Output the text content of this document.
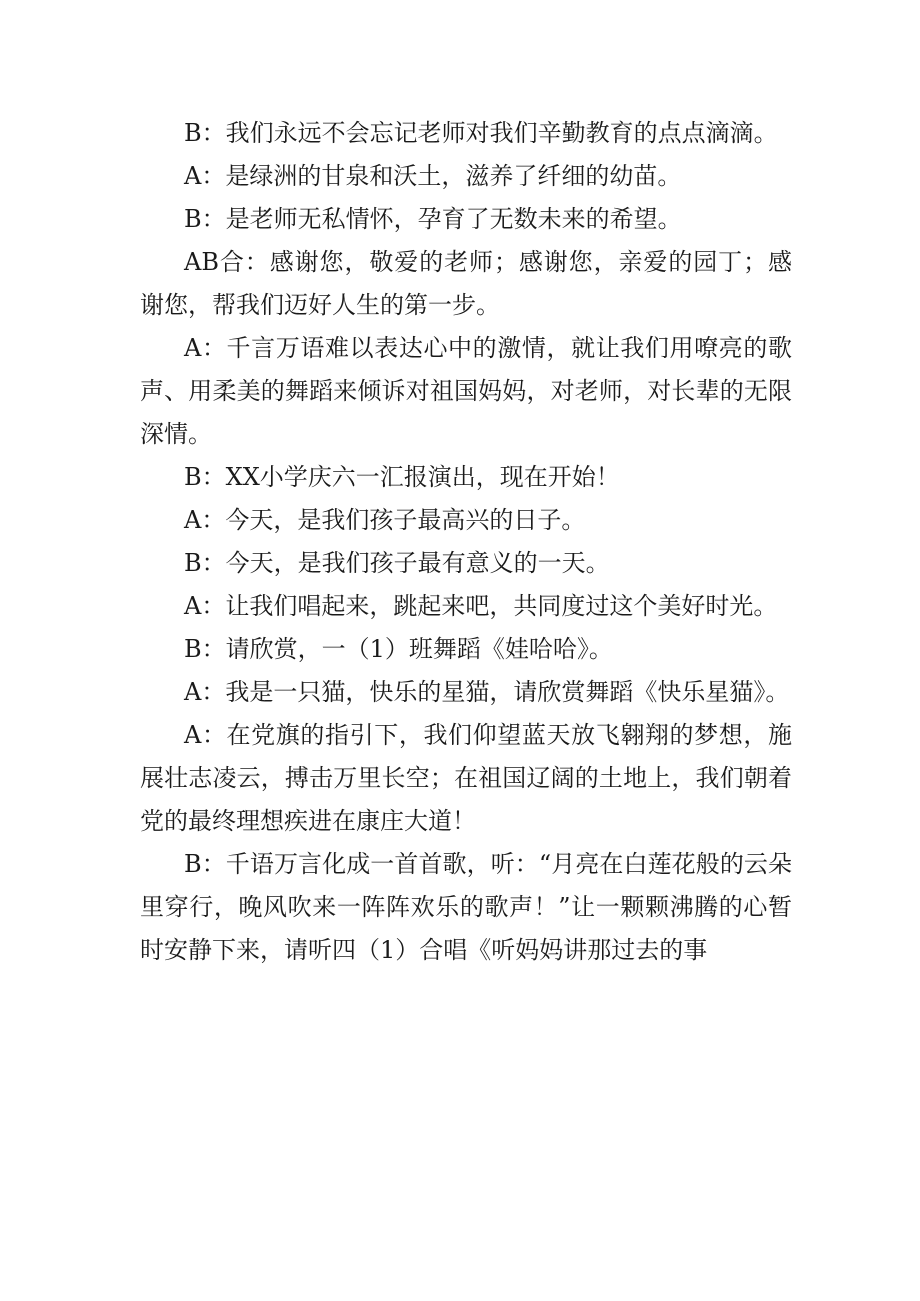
B：我们永远不会忘记老师对我们辛勤教育的点点滴滴。

A：是绿洲的甘泉和沃土，滋养了纤细的幼苗。

B：是老师无私情怀，孕育了无数未来的希望。

AB合：感谢您，敬爱的老师；感谢您，亲爱的园丁；感谢您，帮我们迈好人生的第一步。

A：千言万语难以表达心中的激情，就让我们用嘹亮的歌声、用柔美的舞蹈来倾诉对祖国妈妈，对老师，对长辈的无限深情。

B：XX小学庆六一汇报演出，现在开始！

A：今天，是我们孩子最高兴的日子。

B：今天，是我们孩子最有意义的一天。

A：让我们唱起来，跳起来吧，共同度过这个美好时光。

B：请欣赏，一（1）班舞蹈《娃哈哈》。

A：我是一只猫，快乐的星猫，请欣赏舞蹈《快乐星猫》。

A：在党旗的指引下，我们仰望蓝天放飞翱翔的梦想，施展壮志凌云，搏击万里长空；在祖国辽阔的土地上，我们朝着党的最终理想疾进在康庄大道！

B：千语万言化成一首首歌，听：“月亮在白莲花般的云朵里穿行，晚风吹来一阵阵欢乐的歌声！”让一颗颗沸腾的心暂时安静下来，请听四（1）合唱《听妈妈讲那过去的事
